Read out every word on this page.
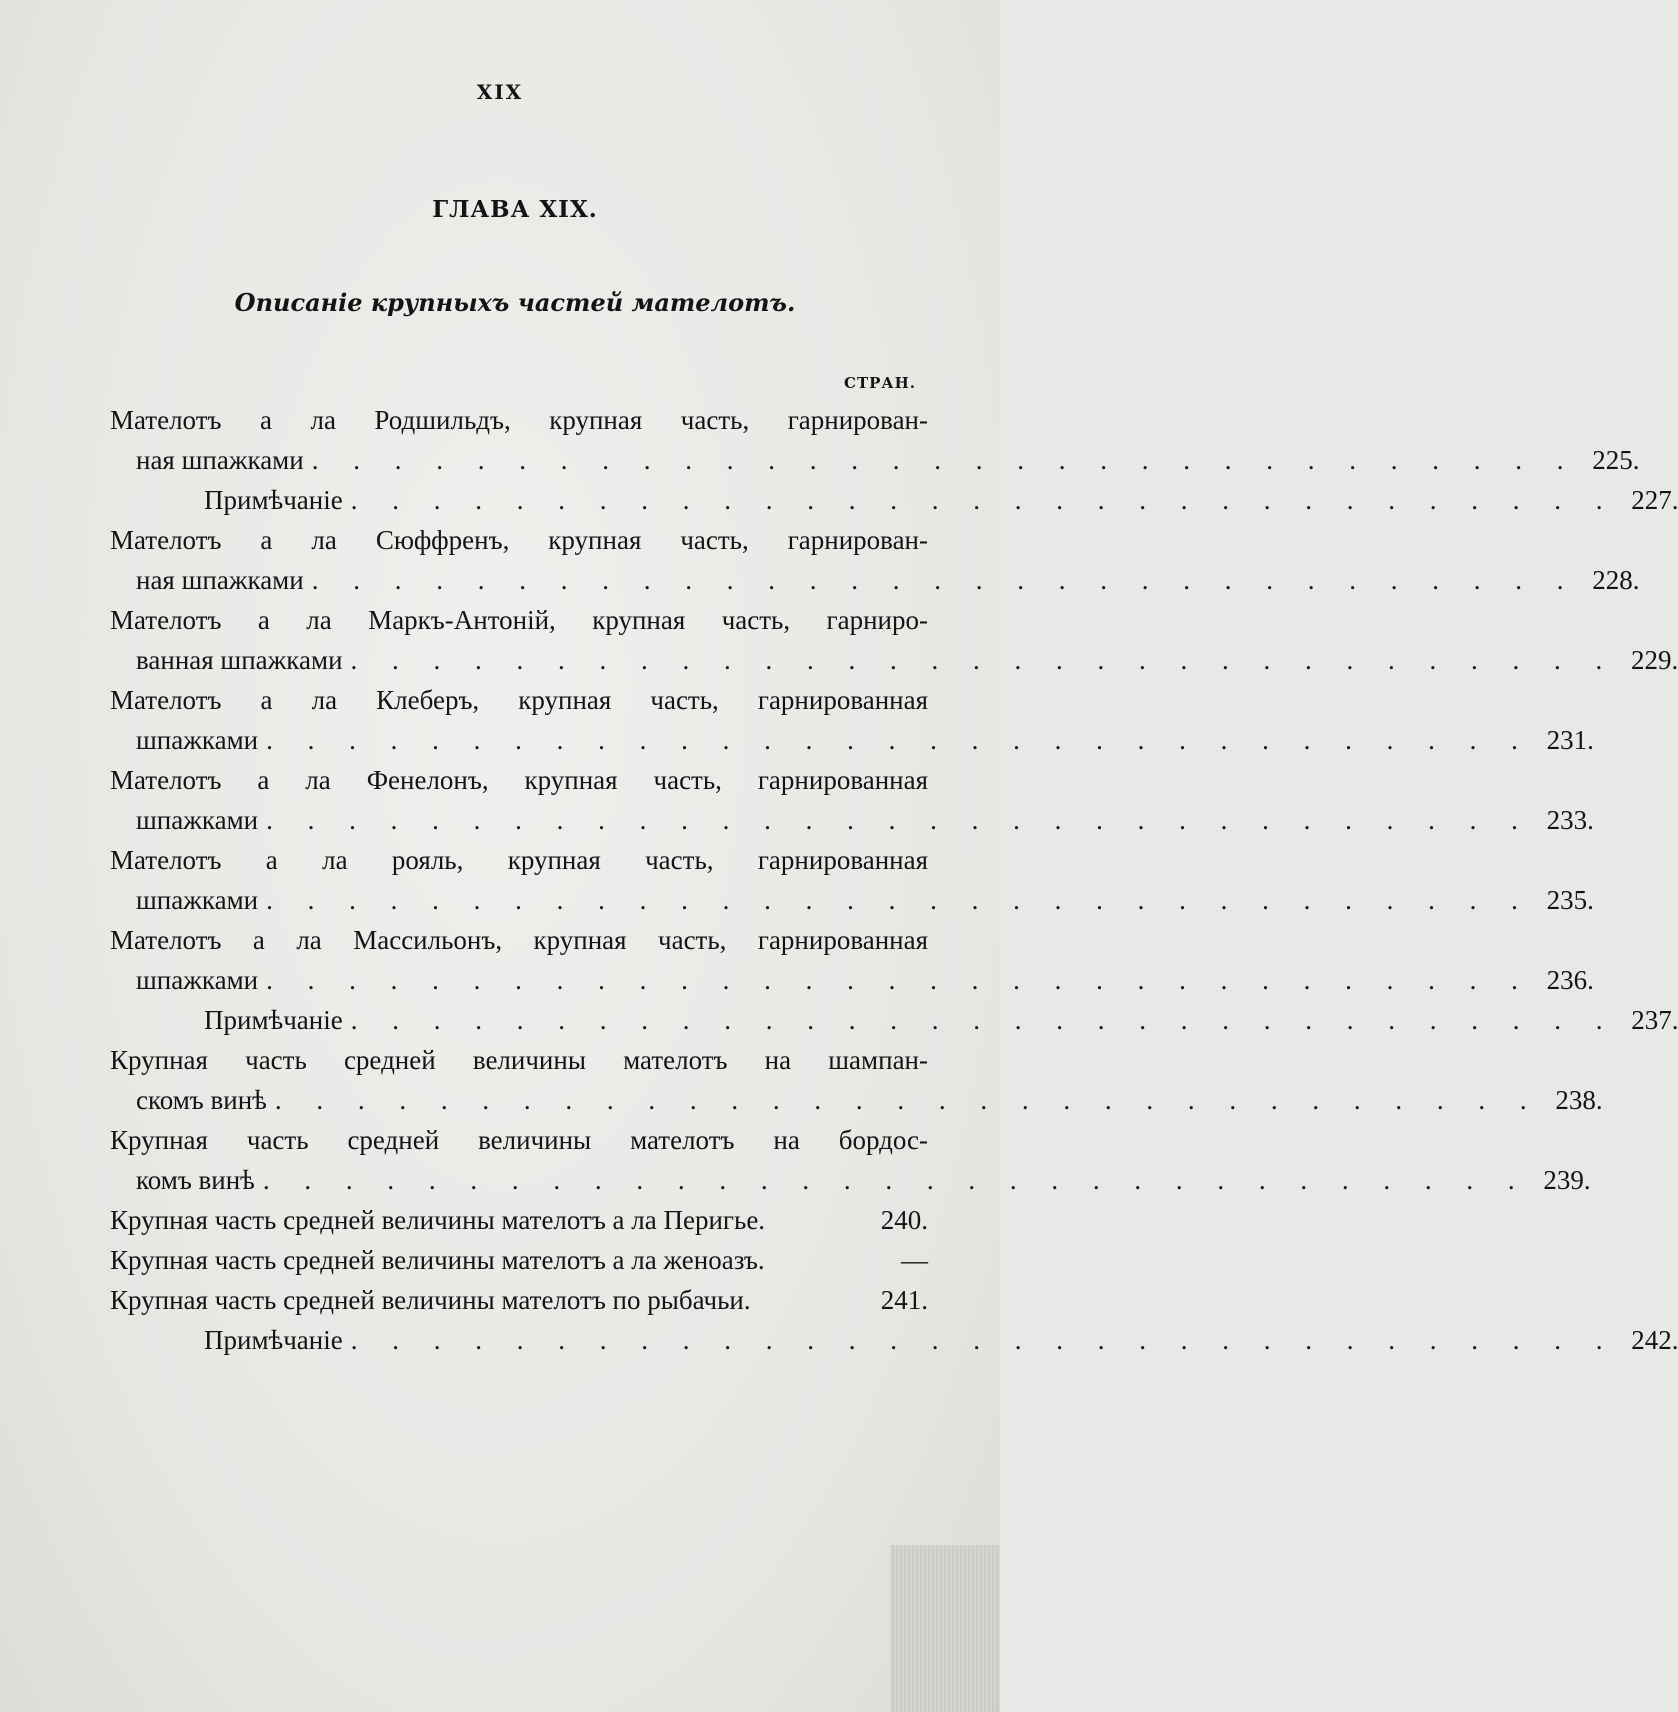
XIX
ГЛАВА XIX.
Описаніе крупныхъ частей мателотъ.
СТРАН.
Мателотъ а ла Родшильдъ, крупная часть, гарнирован-
ная шпажками . . . . . . . . . . . . . . . . . . . . . . . . . . . . . . . 225.
Примѣчаніе . . . . . . . . . . . . . . . . . . . . . . . . . . . . . . . 227.
Мателотъ а ла Сюффренъ, крупная часть, гарнирован-
ная шпажками . . . . . . . . . . . . . . . . . . . . . . . . . . . . . . . 228.
Мателотъ а ла Маркъ-Антоній, крупная часть, гарниро-
ванная шпажками . . . . . . . . . . . . . . . . . . . . . . . . . . . . . . . 229.
Мателотъ а ла Клеберъ, крупная часть, гарнированная
шпажками . . . . . . . . . . . . . . . . . . . . . . . . . . . . . . . 231.
Мателотъ а ла Фенелонъ, крупная часть, гарнированная
шпажками . . . . . . . . . . . . . . . . . . . . . . . . . . . . . . . 233.
Мателотъ а ла рояль, крупная часть, гарнированная
шпажками . . . . . . . . . . . . . . . . . . . . . . . . . . . . . . . 235.
Мателотъ а ла Массильонъ, крупная часть, гарнированная
шпажками . . . . . . . . . . . . . . . . . . . . . . . . . . . . . . . 236.
Примѣчаніе . . . . . . . . . . . . . . . . . . . . . . . . . . . . . . . 237.
Крупная часть средней величины мателотъ на шампан-
скомъ винѣ . . . . . . . . . . . . . . . . . . . . . . . . . . . . . . . 238.
Крупная часть средней величины мателотъ на бордос-
комъ винѣ . . . . . . . . . . . . . . . . . . . . . . . . . . . . . . . 239.
Крупная часть средней величины мателотъ а ла Перигье.	240.
Крупная часть средней величины мателотъ а ла женоазъ.	—
Крупная часть средней величины мателотъ по рыбачьи.	241.
Примѣчаніе . . . . . . . . . . . . . . . . . . . . . . . . . . . . . . . 242.
